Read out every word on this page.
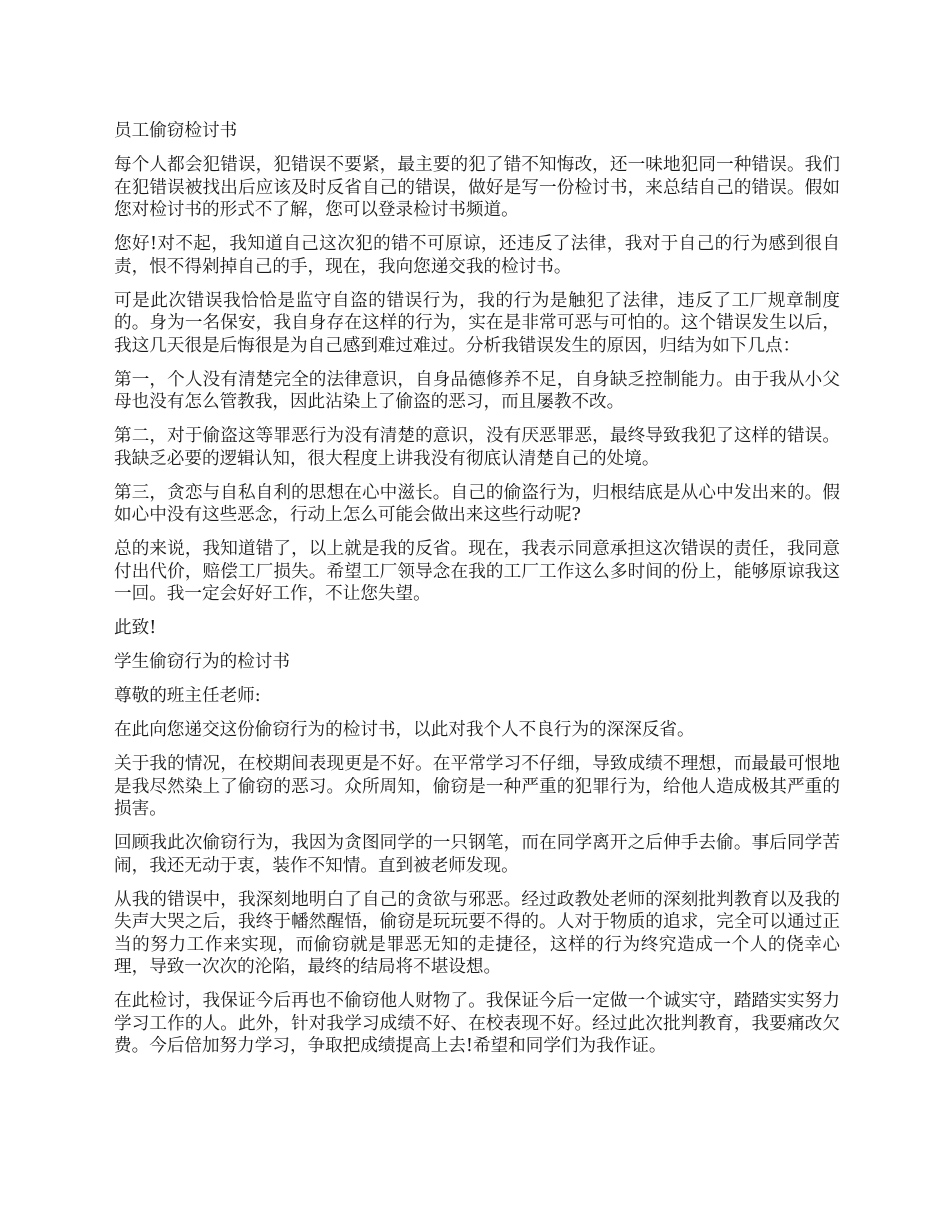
员工偷窃检讨书

每个人都会犯错误，犯错误不要紧，最主要的犯了错不知悔改，还一味地犯同一种错误。我们在犯错误被找出后应该及时反省自己的错误，做好是写一份检讨书，来总结自己的错误。假如您对检讨书的形式不了解，您可以登录检讨书频道。

您好!对不起，我知道自己这次犯的错不可原谅，还违反了法律，我对于自己的行为感到很自责，恨不得剁掉自己的手，现在，我向您递交我的检讨书。

可是此次错误我恰恰是监守自盗的错误行为，我的行为是触犯了法律，违反了工厂规章制度的。身为一名保安，我自身存在这样的行为，实在是非常可恶与可怕的。这个错误发生以后，我这几天很是后悔很是为自己感到难过难过。分析我错误发生的原因，归结为如下几点：

第一，个人没有清楚完全的法律意识，自身品德修养不足，自身缺乏控制能力。由于我从小父母也没有怎么管教我，因此沾染上了偷盗的恶习，而且屡教不改。

第二，对于偷盗这等罪恶行为没有清楚的意识，没有厌恶罪恶，最终导致我犯了这样的错误。我缺乏必要的逻辑认知，很大程度上讲我没有彻底认清楚自己的处境。

第三，贪恋与自私自利的思想在心中滋长。自己的偷盗行为，归根结底是从心中发出来的。假如心中没有这些恶念，行动上怎么可能会做出来这些行动呢?

总的来说，我知道错了，以上就是我的反省。现在，我表示同意承担这次错误的责任，我同意付出代价，赔偿工厂损失。希望工厂领导念在我的工厂工作这么多时间的份上，能够原谅我这一回。我一定会好好工作，不让您失望。

此致!

学生偷窃行为的检讨书

尊敬的班主任老师:

在此向您递交这份偷窃行为的检讨书，以此对我个人不良行为的深深反省。

关于我的情况，在校期间表现更是不好。在平常学习不仔细，导致成绩不理想，而最最可恨地是我尽然染上了偷窃的恶习。众所周知，偷窃是一种严重的犯罪行为，给他人造成极其严重的损害。

回顾我此次偷窃行为，我因为贪图同学的一只钢笔，而在同学离开之后伸手去偷。事后同学苦闹，我还无动于衷，装作不知情。直到被老师发现。

从我的错误中，我深刻地明白了自己的贪欲与邪恶。经过政教处老师的深刻批判教育以及我的失声大哭之后，我终于幡然醒悟，偷窃是玩玩要不得的。人对于物质的追求，完全可以通过正当的努力工作来实现，而偷窃就是罪恶无知的走捷径，这样的行为终究造成一个人的侥幸心理，导致一次次的沦陷，最终的结局将不堪设想。

在此检讨，我保证今后再也不偷窃他人财物了。我保证今后一定做一个诚实守，踏踏实实努力学习工作的人。此外，针对我学习成绩不好、在校表现不好。经过此次批判教育，我要痛改欠费。今后倍加努力学习，争取把成绩提高上去!希望和同学们为我作证。
